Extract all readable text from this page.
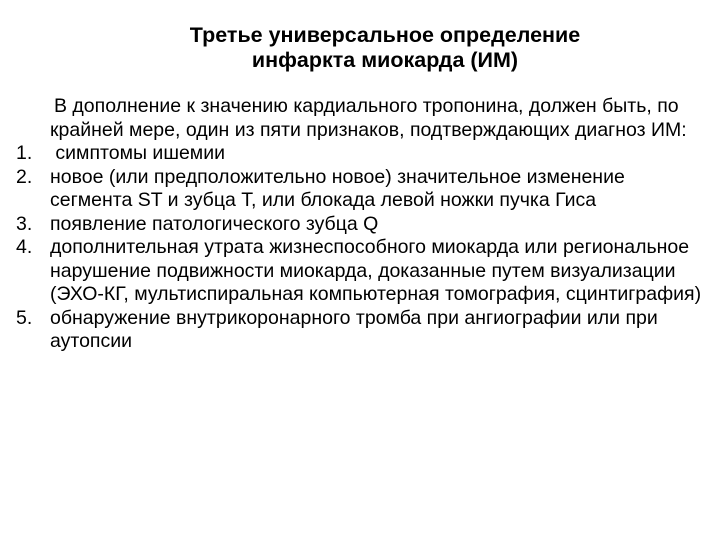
Третье универсальное определение
инфаркта миокарда (ИМ)
В дополнение к значению кардиального тропонина, должен быть, по крайней мере, один из пяти признаков, подтверждающих диагноз ИМ:
1. симптомы ишемии
2. новое (или предположительно новое) значительное изменение  сегмента ST и зубца T, или блокада левой ножки пучка Гиса
3. появление патологического зубца Q
4. дополнительная утрата жизнеспособного миокарда или региональное нарушение подвижности миокарда, доказанные путем визуализации (ЭХО-КГ, мультиспиральная компьютерная томография, сцинтиграфия)
5. обнаружение внутрикоронарного тромба при ангиографии или при аутопсии
